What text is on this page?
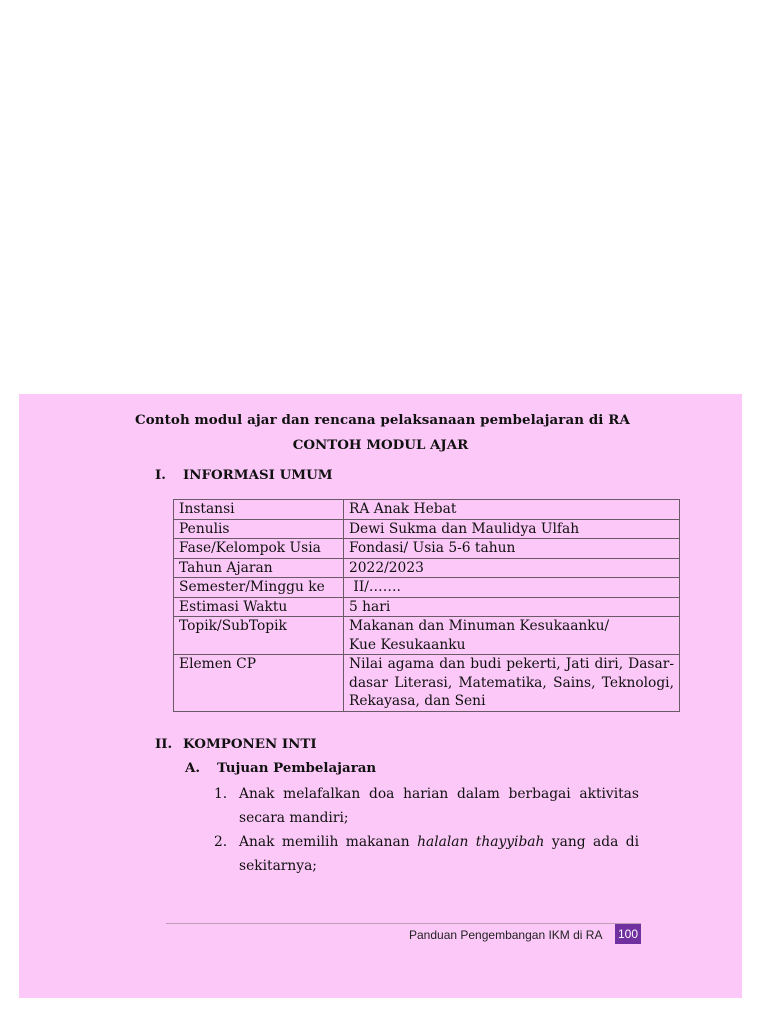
Contoh modul ajar dan rencana pelaksanaan pembelajaran di RA
CONTOH MODUL AJAR
I. INFORMASI UMUM
Instansi	RA Anak Hebat
Penulis	Dewi Sukma dan Maulidya Ulfah
Fase/Kelompok Usia	Fondasi/ Usia 5-6 tahun
Tahun Ajaran	2022/2023
Semester/Minggu ke	II/…….
Estimasi Waktu	5 hari
Topik/SubTopik	Makanan dan Minuman Kesukaanku/
Kue Kesukaanku

Elemen CP	Nilai agama dan budi pekerti, Jati diri, Dasar-dasar Literasi, Matematika, Sains, Teknologi, Rekayasa, dan Seni
II. KOMPONEN INTI
A. Tujuan Pembelajaran
1. Anak melafalkan doa harian dalam berbagai aktivitas secara mandiri;
2. Anak memilih makanan halalan thayyibah yang ada di sekitarnya;
Panduan Pengembangan IKM di RA 100
